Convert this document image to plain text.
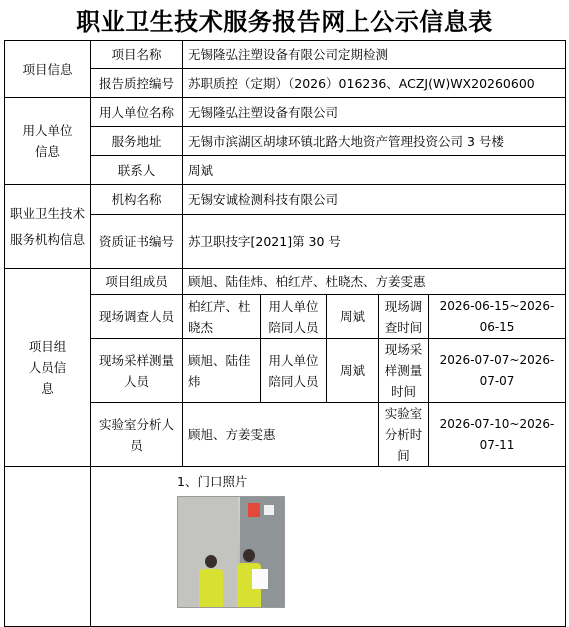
职业卫生技术服务报告网上公示信息表
项目信息	项目名称	无锡隆弘注塑设备有限公司定期检测				
	报告质控编号	苏职质控（定期）（2026）016236、ACZJ(W)WX20260600				
用人单位信息	用人单位名称	无锡隆弘注塑设备有限公司				
	服务地址	无锡市滨湖区胡埭环镇北路大地资产管理投资公司 3 号楼				
	联系人	周斌				
职业卫生技术服务机构信息	机构名称	无锡安诚检测科技有限公司				
	资质证书编号	苏卫职技字[2021]第 30 号				
项目组人员信息	项目组成员	顾旭、陆佳炜、柏红芹、杜晓杰、方姜雯惠				
	现场调查人员	柏红芹、杜晓杰	用人单位陪同人员	周斌	现场调查时间	2026-06-15~2026-06-15
	现场采样测量人员	顾旭、陆佳炜	用人单位陪同人员	周斌	现场采样测量时间	2026-07-07~2026-07-07
	实验室分析人员	顾旭、方姜雯惠			实验室分析时间	2026-07-10~2026-07-11

	1、门口照片					
